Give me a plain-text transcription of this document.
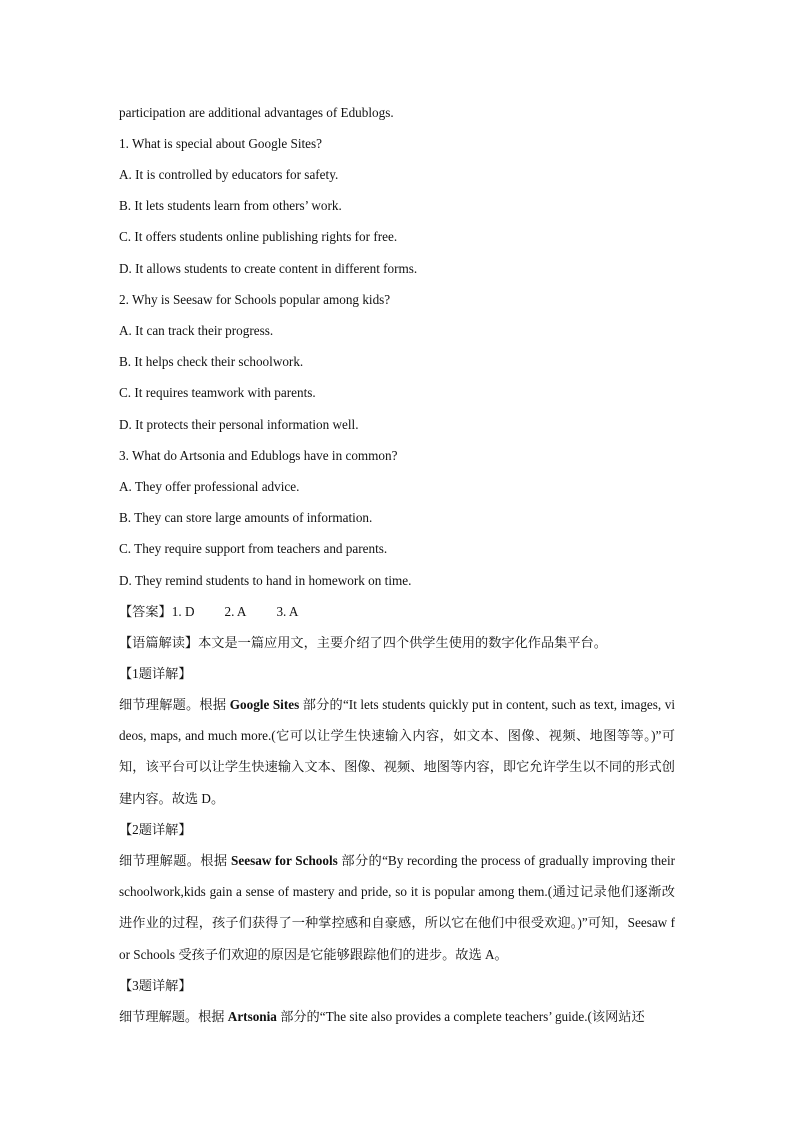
participation are additional advantages of Edublogs.
1. What is special about Google Sites?
A. It is controlled by educators for safety.
B. It lets students learn from others’ work.
C. It offers students online publishing rights for free.
D. It allows students to create content in different forms.
2. Why is Seesaw for Schools popular among kids?
A. It can track their progress.
B. It helps check their schoolwork.
C. It requires teamwork with parents.
D. It protects their personal information well.
3. What do Artsonia and Edublogs have in common?
A. They offer professional advice.
B. They can store large amounts of information.
C. They require support from teachers and parents.
D. They remind students to hand in homework on time.
【答案】1. D 2. A 3. A
【语篇解读】本文是一篇应用文，主要介绍了四个供学生使用的数字化作品集平台。
【1题详解】
细节理解题。根据 Google Sites 部分的“It lets students quickly put in content, such as text, images, videos, maps, and much more.(它可以让学生快速输入内容，如文本、图像、视频、地图等等。)”可知，该平台可以让学生快速输入文本、图像、视频、地图等内容，即它允许学生以不同的形式创建内容。故选 D。
【2题详解】
细节理解题。根据 Seesaw for Schools 部分的“By recording the process of gradually improving their schoolwork,kids gain a sense of mastery and pride, so it is popular among them.(通过记录他们逐渐改进作业的过程，孩子们获得了一种掌控感和自豪感，所以它在他们中很受欢迎。)”可知，Seesaw for Schools 受孩子们欢迎的原因是它能够跟踪他们的进步。故选 A。
【3题详解】
细节理解题。根据 Artsonia 部分的“The site also provides a complete teachers’ guide.(该网站还
